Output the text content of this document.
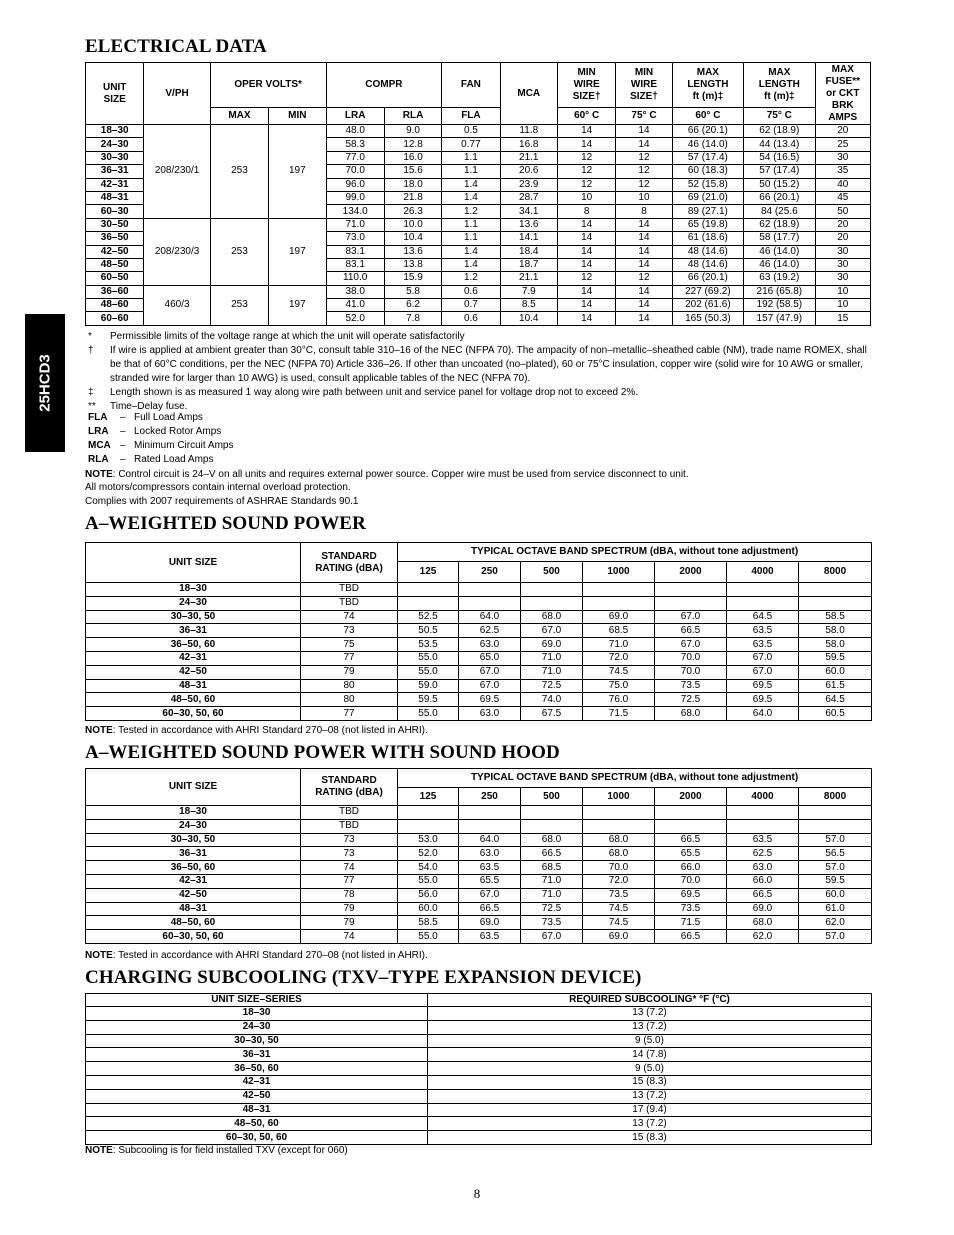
25HCD3
ELECTRICAL DATA
UNIT SIZE	V/PH	OPER VOLTS*		COMPR		FAN	MCA	MIN WIRE SIZE†	MIN WIRE SIZE†	MAX LENGTH ft (m)‡	MAX LENGTH ft (m)‡	MAX FUSE** or CKT BRK AMPS
		MAX	MIN	LRA	RLA	FLA		60° C	75° C	60° C	75° C	
18–30	208/230/1	253	197	48.0	9.0	0.5	11.8	14	14	66 (20.1)	62 (18.9)	20
24–30				58.3	12.8	0.77	16.8	14	14	46 (14.0)	44 (13.4)	25
30–30				77.0	16.0	1.1	21.1	12	12	57 (17.4)	54 (16.5)	30
36–31				70.0	15.6	1.1	20.6	12	12	60 (18.3)	57 (17.4)	35
42–31				96.0	18.0	1.4	23.9	12	12	52 (15.8)	50 (15.2)	40
48–31				99.0	21.8	1.4	28.7	10	10	69 (21.0)	66 (20.1)	45
60–30				134.0	26.3	1.2	34.1	8	8	89 (27.1)	84 (25.6	50
30–50	208/230/3	253	197	71.0	10.0	1.1	13.6	14	14	65 (19.8)	62 (18.9)	20
36–50				73.0	10.4	1.1	14.1	14	14	61 (18.6)	58 (17.7)	20
42–50				83.1	13.6	1.4	18.4	14	14	48 (14.6)	46 (14.0)	30
48–50				83.1	13.8	1.4	18.7	14	14	48 (14.6)	46 (14.0)	30
60–50				110.0	15.9	1.2	21.1	12	12	66 (20.1)	63 (19.2)	30
36–60	460/3	253	197	38.0	5.8	0.6	7.9	14	14	227 (69.2)	216 (65.8)	10
48–60				41.0	6.2	0.7	8.5	14	14	202 (61.6)	192 (58.5)	10
60–60				52.0	7.8	0.6	10.4	14	14	165 (50.3)	157 (47.9)	15
*	Permissible limits of the voltage range at which the unit will operate satisfactorily
†	If wire is applied at ambient greater than 30°C, consult table 310–16 of the NEC (NFPA 70). The ampacity of non–metallic–sheathed cable (NM), trade name ROMEX, shall be that of 60°C conditions, per the NEC (NFPA 70) Article 336–26. If other than uncoated (no–plated), 60 or 75°C insulation, copper wire (solid wire for 10 AWG or smaller, stranded wire for larger than 10 AWG) is used, consult applicable tables of the NEC (NFPA 70).
‡	Length shown is as measured 1 way along wire path between unit and service panel for voltage drop not to exceed 2%.
**	Time–Delay fuse.
FLA	– Full Load Amps
LRA	– Locked Rotor Amps
MCA – Minimum Circuit Amps
RLA	– Rated Load Amps
NOTE: Control circuit is 24–V on all units and requires external power source. Copper wire must be used from service disconnect to unit.
All motors/compressors contain internal overload protection.
Complies with 2007 requirements of ASHRAE Standards 90.1
A–WEIGHTED SOUND POWER
UNIT SIZE	STANDARD RATING (dBA)	TYPICAL OCTAVE BAND SPECTRUM (dBA, without tone adjustment)						
		125	250	500	1000	2000	4000	8000
18–30	TBD							
24–30	TBD							
30–30, 50	74	52.5	64.0	68.0	69.0	67.0	64.5	58.5
36–31	73	50.5	62.5	67.0	68.5	66.5	63.5	58.0
36–50, 60	75	53.5	63.0	69.0	71.0	67.0	63.5	58.0
42–31	77	55.0	65.0	71.0	72.0	70.0	67.0	59.5
42–50	79	55.0	67.0	71.0	74.5	70.0	67.0	60.0
48–31	80	59.0	67.0	72.5	75.0	73.5	69.5	61.5
48–50, 60	80	59.5	69.5	74.0	76.0	72.5	69.5	64.5
60–30, 50, 60	77	55.0	63.0	67.5	71.5	68.0	64.0	60.5
NOTE: Tested in accordance with AHRI Standard 270–08 (not listed in AHRI).
A–WEIGHTED SOUND POWER WITH SOUND HOOD
UNIT SIZE	STANDARD RATING (dBA)	TYPICAL OCTAVE BAND SPECTRUM (dBA, without tone adjustment)						
		125	250	500	1000	2000	4000	8000
18–30	TBD							
24–30	TBD							
30–30, 50	73	53.0	64.0	68.0	68.0	66.5	63.5	57.0
36–31	73	52.0	63.0	66.5	68.0	65.5	62.5	56.5
36–50, 60	74	54.0	63.5	68.5	70.0	66.0	63.0	57.0
42–31	77	55.0	65.5	71.0	72.0	70.0	66.0	59.5
42–50	78	56.0	67.0	71.0	73.5	69.5	66.5	60.0
48–31	79	60.0	66.5	72.5	74.5	73.5	69.0	61.0
48–50, 60	79	58.5	69.0	73.5	74.5	71.5	68.0	62.0
60–30, 50, 60	74	55.0	63.5	67.0	69.0	66.5	62.0	57.0
NOTE: Tested in accordance with AHRI Standard 270–08 (not listed in AHRI).
CHARGING SUBCOOLING (TXV–TYPE EXPANSION DEVICE)
UNIT SIZE–SERIES	REQUIRED SUBCOOLING* °F (°C)
18–30	13 (7.2)
24–30	13 (7.2)
30–30, 50	9 (5.0)
36–31	14 (7.8)
36–50, 60	9 (5.0)
42–31	15 (8.3)
42–50	13 (7.2)
48–31	17 (9.4)
48–50, 60	13 (7.2)
60–30, 50, 60	15 (8.3)
NOTE: Subcooling is for field installed TXV (except for 060)
8
